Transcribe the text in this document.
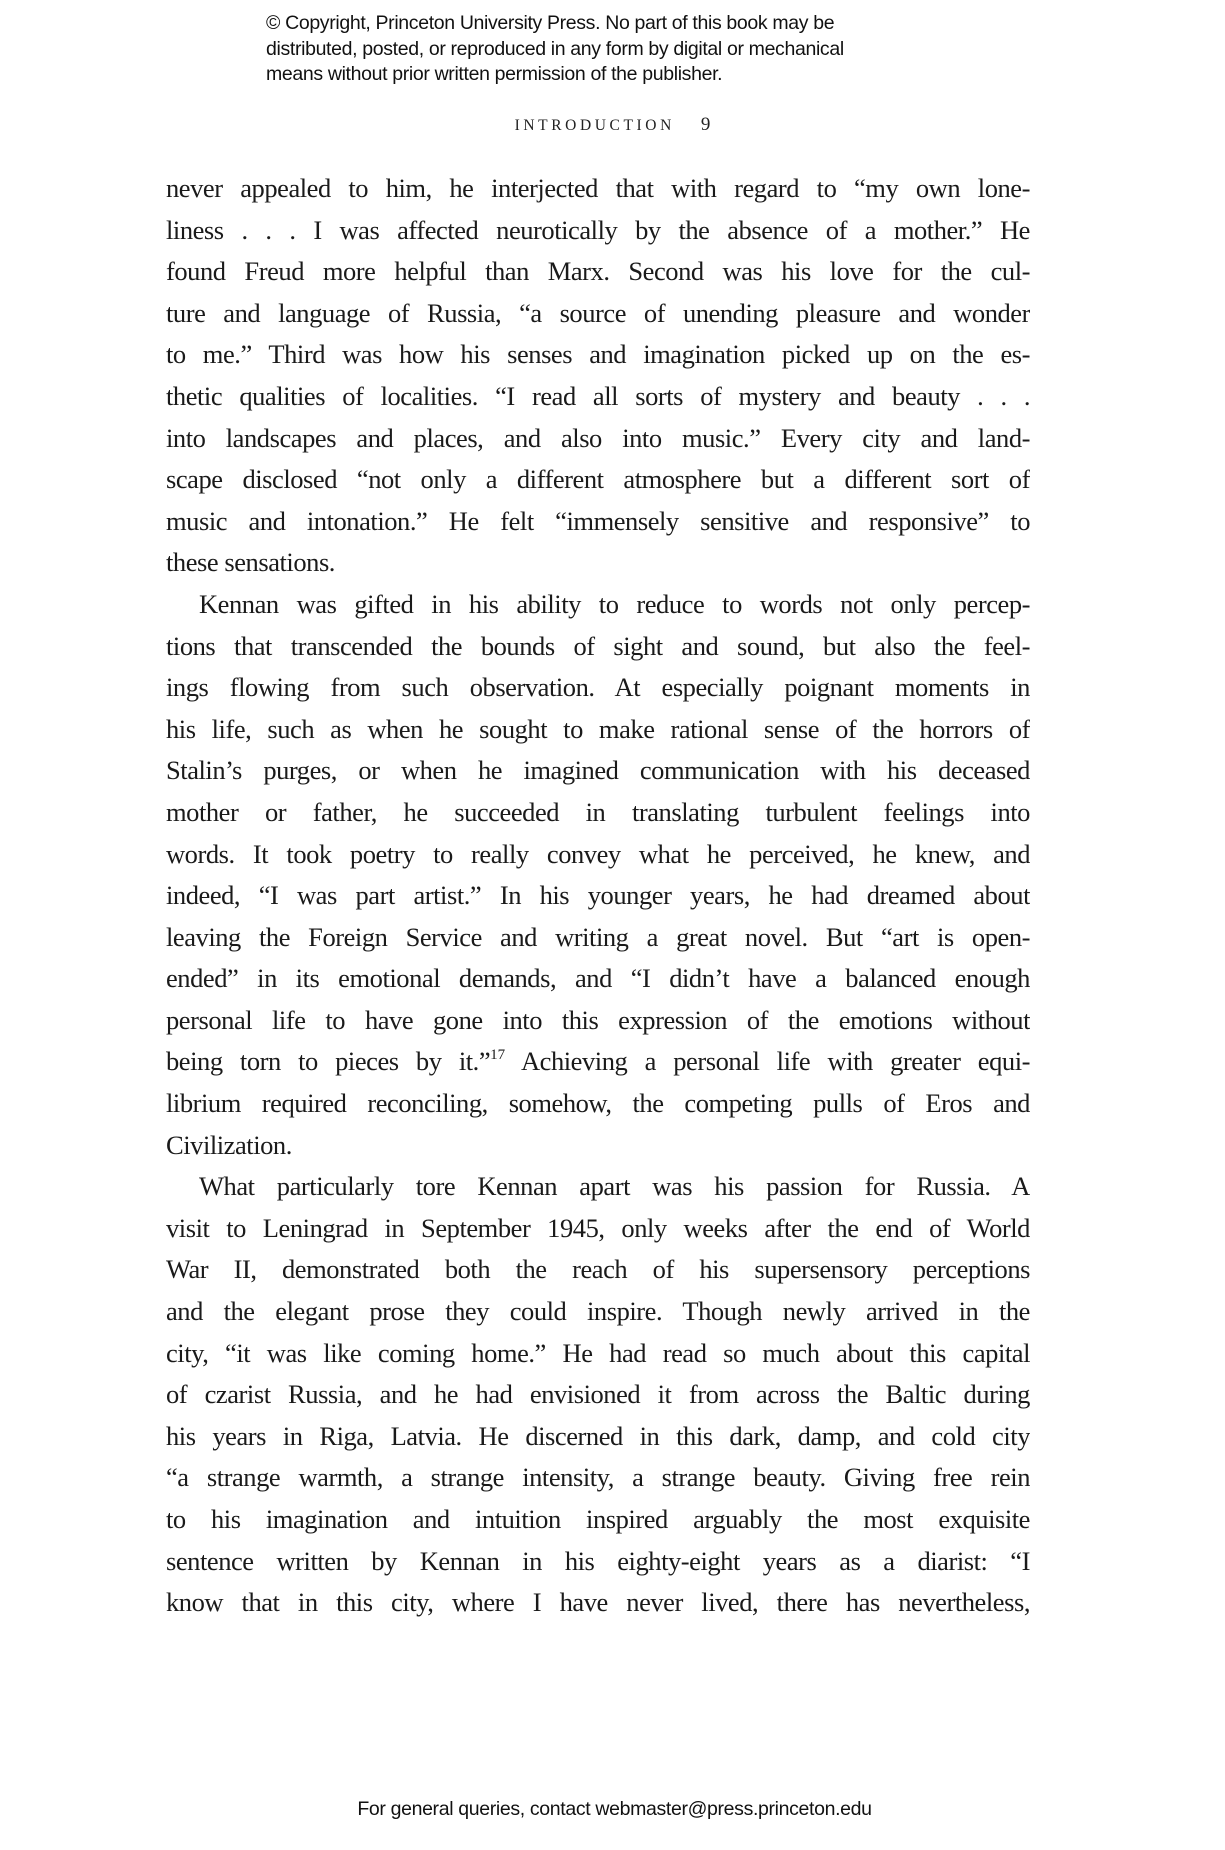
© Copyright, Princeton University Press. No part of this book may be
distributed, posted, or reproduced in any form by digital or mechanical
means without prior written permission of the publisher.
INTRODUCTION 9
never appealed to him, he interjected that with regard to “my own lone-
liness . . . I was affected neurotically by the absence of a mother.” He
found Freud more helpful than Marx. Second was his love for the cul-
ture and language of Russia, “a source of unending pleasure and wonder
to me.” Third was how his senses and imagination picked up on the es-
thetic qualities of localities. “I read all sorts of mystery and beauty . . .
into landscapes and places, and also into music.” Every city and land-
scape disclosed “not only a different atmosphere but a different sort of
music and intonation.” He felt “immensely sensitive and responsive” to
these sensations.
Kennan was gifted in his ability to reduce to words not only percep-
tions that transcended the bounds of sight and sound, but also the feel-
ings flowing from such observation. At especially poignant moments in
his life, such as when he sought to make rational sense of the horrors of
Stalin’s purges, or when he imagined communication with his deceased
mother or father, he succeeded in translating turbulent feelings into
words. It took poetry to really convey what he perceived, he knew, and
indeed, “I was part artist.” In his younger years, he had dreamed about
leaving the Foreign Service and writing a great novel. But “art is open-
ended” in its emotional demands, and “I didn’t have a balanced enough
personal life to have gone into this expression of the emotions without
being torn to pieces by it.”$^{17}$ Achieving a personal life with greater equi-
librium required reconciling, somehow, the competing pulls of Eros and
Civilization.
What particularly tore Kennan apart was his passion for Russia. A
visit to Leningrad in September 1945, only weeks after the end of World
War II, demonstrated both the reach of his supersensory perceptions
and the elegant prose they could inspire. Though newly arrived in the
city, “it was like coming home.” He had read so much about this capital
of czarist Russia, and he had envisioned it from across the Baltic during
his years in Riga, Latvia. He discerned in this dark, damp, and cold city
“a strange warmth, a strange intensity, a strange beauty. Giving free rein
to his imagination and intuition inspired arguably the most exquisite
sentence written by Kennan in his eighty-eight years as a diarist: “I
know that in this city, where I have never lived, there has nevertheless,
For general queries, contact webmaster@press.princeton.edu
